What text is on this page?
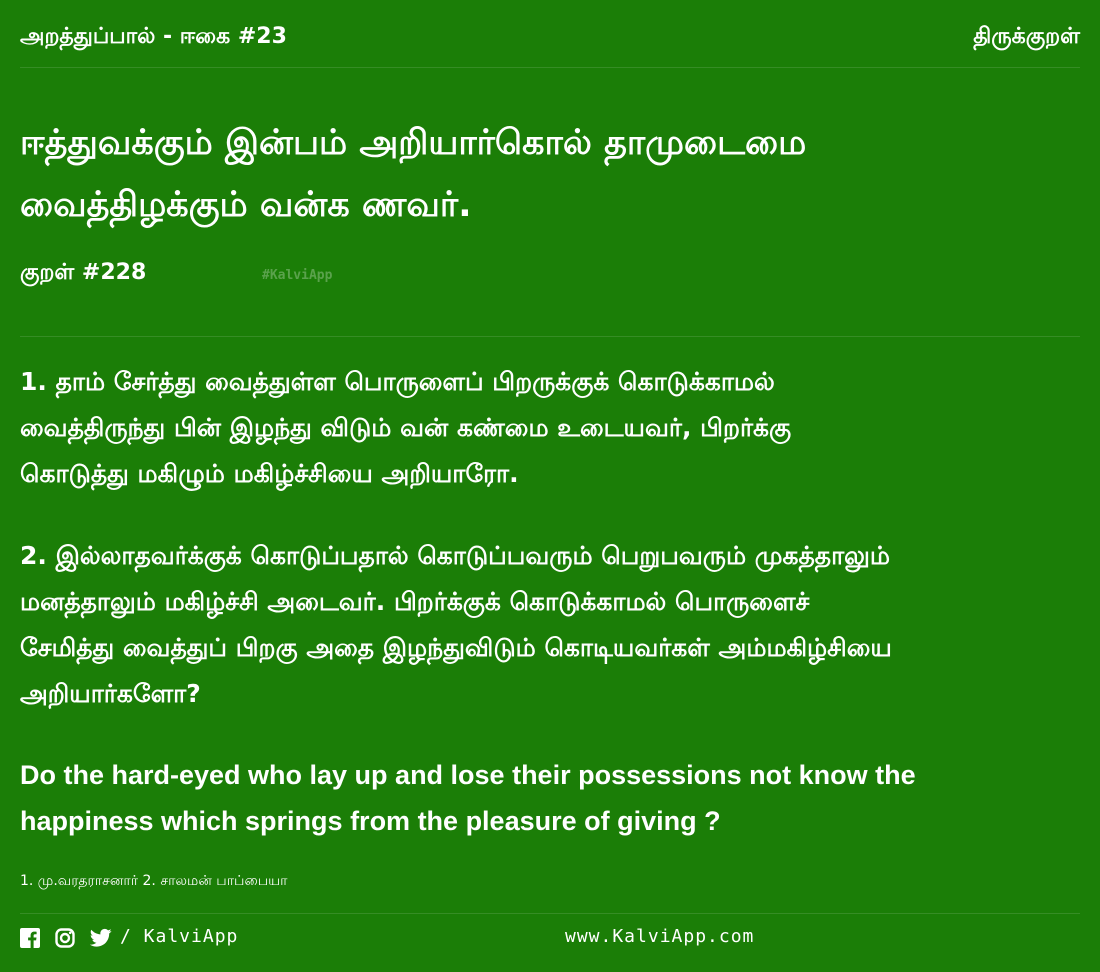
அறத்துப்பால் - ஈகை #23	திருக்குறள்
ஈத்துவக்கும் இன்பம் அறியார்கொல் தாமுடைமை
வைத்திழக்கும் வன்க ணவர்.
குறள் #228	#KalviApp
1. தாம் சேர்த்து வைத்துள்ள பொருளைப் பிறருக்குக் கொடுக்காமல்
வைத்திருந்து பின் இழந்து விடும் வன் கண்மை உடையவர், பிறர்க்கு
கொடுத்து மகிழும் மகிழ்ச்சியை அறியாரோ.
2. இல்லாதவர்க்குக் கொடுப்பதால் கொடுப்பவரும் பெறுபவரும் முகத்தாலும்
மனத்தாலும் மகிழ்ச்சி அடைவர். பிறர்க்குக் கொடுக்காமல் பொருளைச்
சேமித்து வைத்துப் பிறகு அதை இழந்துவிடும் கொடியவர்கள் அம்மகிழ்சியை
அறியார்களோ?
Do the hard-eyed who lay up and lose their possessions not know the
happiness which springs from the pleasure of giving ?
1. மு.வரதராசனார் 2. சாலமன் பாப்பையா

/ KalviApp	www.KalviApp.com
